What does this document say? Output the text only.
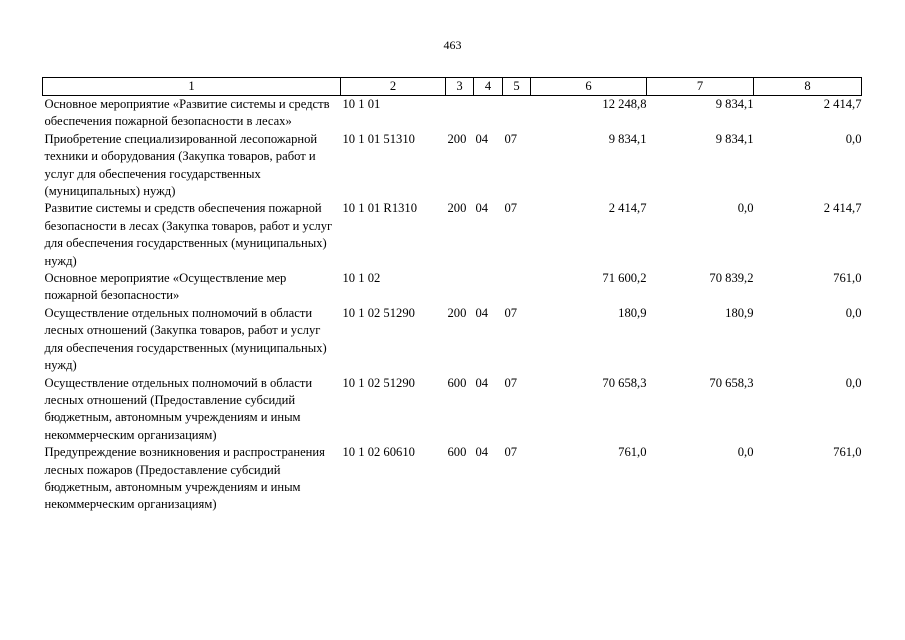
463
1	2	3	4	5	6	7	8
Основное мероприятие «Развитие системы и средств обеспечения пожарной безопасности в лесах»	10 1 01				12 248,8	9 834,1	2 414,7
Приобретение специализированной лесопожарной техники и оборудования (Закупка товаров, работ и услуг для обеспечения государственных (муниципальных) нужд)	10 1 01 51310	200	04	07	9 834,1	9 834,1	0,0
Развитие системы и средств обеспечения пожарной безопасности в лесах (Закупка товаров, работ и услуг для обеспечения государственных (муниципальных) нужд)	10 1 01 R1310	200	04	07	2 414,7	0,0	2 414,7
Основное мероприятие «Осуществление мер пожарной безопасности»	10 1 02				71 600,2	70 839,2	761,0
Осуществление отдельных полномочий в области лесных отношений (Закупка товаров, работ и услуг для обеспечения государственных (муниципальных) нужд)	10 1 02 51290	200	04	07	180,9	180,9	0,0
Осуществление отдельных полномочий в области лесных отношений (Предоставление субсидий бюджетным, автономным учреждениям и иным некоммерческим организациям)	10 1 02 51290	600	04	07	70 658,3	70 658,3	0,0
Предупреждение возникновения и распространения лесных пожаров (Предоставление субсидий бюджетным, автономным учреждениям и иным некоммерческим организациям)	10 1 02 60610	600	04	07	761,0	0,0	761,0
